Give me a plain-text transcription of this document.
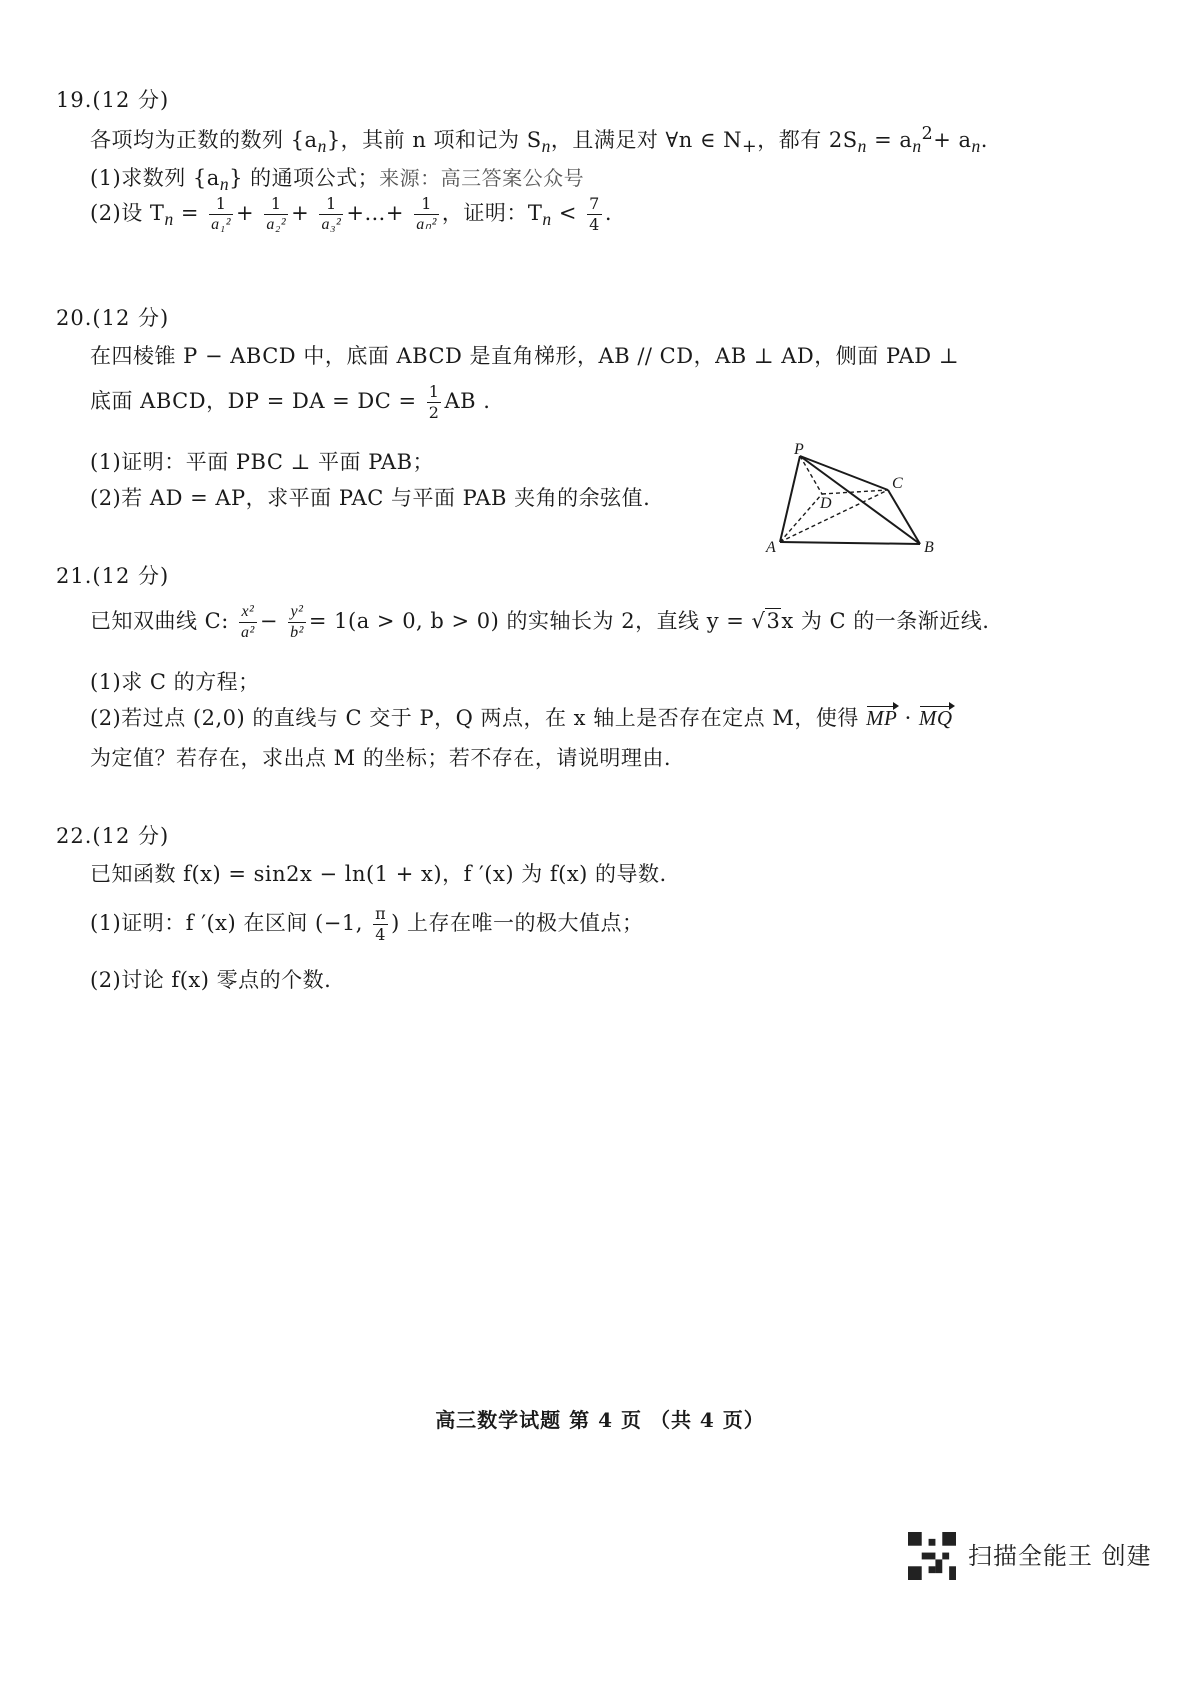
19.(12 分)
各项均为正数的数列 $\{a_n\}$，其前 n 项和记为 $S_n$，且满足对 ∀n ∈ $N_+$，都有 $2S_n = a_n^2+ a_n$.
(1)求数列 $\{a_n\}$ 的通项公式；来源：高三答案公众号
(2)设 $T_n = \frac{1}{\text{a₁²}} + \frac{1}{\text{a₂²}} + \frac{1}{\text{a₃²}}$ +…+ $\frac{1}{\text{aₙ²}}$ ，证明：$T_n < \frac{7}{4}$ .
20.(12 分)
在四棱锥 P − ABCD 中，底面 ABCD 是直角梯形，AB // CD，AB ⊥ AD，侧面 PAD ⊥
底面 ABCD，DP = DA = DC = $\frac{1}{2}$ AB .
(1)证明：平面 PBC ⊥ 平面 PAB；
(2)若 AD = AP，求平面 PAC 与平面 PAB 夹角的余弦值.
P
A	B
C
D
21.(12 分)
已知双曲线 C: $\frac{\text{x²}}{\text{a²}} - \frac{\text{y²}}{\text{b²}} = 1(a > 0$, b > 0) 的实轴长为 2，直线 y = √3x 为 C 的一条渐近线.
(1)求 C 的方程；
(2)若过点 (2,0) 的直线与 C 交于 P，Q 两点，在 x 轴上是否存在定点 M，使得 MP · MQ
为定值？若存在，求出点 M 的坐标；若不存在，请说明理由.
22.(12 分)
已知函数 f(x) = sin2x − ln(1 + x)，f ′(x) 为 f(x) 的导数.
(1)证明：f ′(x) 在区间 (−1, $\frac{\pi}{4}$ ) 上存在唯一的极大值点；
(2)讨论 f(x) 零点的个数.
高三数学试题 第 4 页 （共 4 页）
扫描全能王 创建
